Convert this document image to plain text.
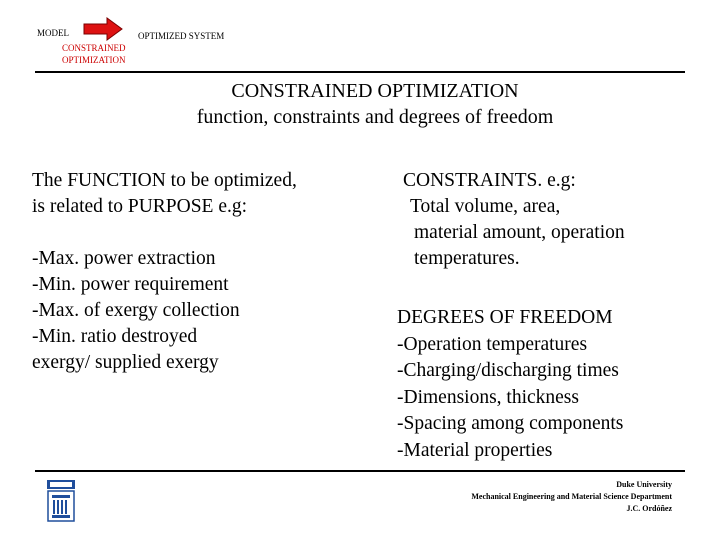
MODEL	OPTIMIZED SYSTEM
CONSTRAINED
OPTIMIZATION
CONSTRAINED OPTIMIZATION
function, constraints and degrees of freedom

The FUNCTION to be optimized,

is related to PURPOSE e.g:

-Max. power extraction

-Min. power requirement

-Max. of exergy collection

-Min. ratio destroyed

exergy/ supplied exergy

CONSTRAINTS. e.g:
Total volume, area,
material amount, operation
temperatures.
DEGREES OF FREEDOM
-Operation temperatures
-Charging/discharging times
-Dimensions, thickness
-Spacing among components
-Material properties
Duke University
Mechanical Engineering and Material Science Department
J.C. Ordóñez
